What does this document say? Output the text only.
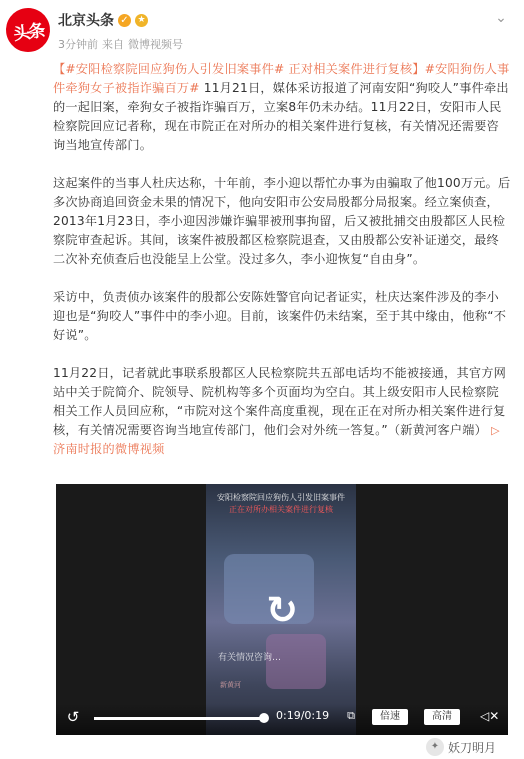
头条 北京头条 ✓ ★
3分钟前 来自 微博视频号
⌄

【#安阳检察院回应狗伤人引发旧案事件# 正对相关案件进行复核】#安阳狗伤人事件牵狗女子被指诈骗百万# 11月21日，媒体采访报道了河南安阳“狗咬人”事件牵出的一起旧案，牵狗女子被指诈骗百万，立案8年仍未办结。11月22日，安阳市人民检察院回应记者称，现在市院正在对所办的相关案件进行复核，有关情况还需要咨询当地宣传部门。

这起案件的当事人杜庆达称，十年前，李小迎以帮忙办事为由骗取了他100万元。后多次协商追回资金未果的情况下，他向安阳市公安局殷都分局报案。经立案侦查，2013年1月23日，李小迎因涉嫌诈骗罪被刑事拘留，后又被批捕交由殷都区人民检察院审查起诉。其间，该案件被殷都区检察院退查，又由殷都公安补证递交，最终二次补充侦查后也没能呈上公堂。没过多久，李小迎恢复“自由身”。

采访中，负责侦办该案件的殷都公安陈姓警官向记者证实，杜庆达案件涉及的李小迎也是“狗咬人”事件中的李小迎。目前，该案件仍未结案，至于其中缘由，他称“不好说”。

11月22日，记者就此事联系殷都区人民检察院共五部电话均不能被接通，其官方网站中关于院简介、院领导、院机构等多个页面均为空白。其上级安阳市人民检察院相关工作人员回应称，“市院对这个案件高度重视，现在正在对所办相关案件进行复核，有关情况需要咨询当地宣传部门，他们会对外统一答复。”（新黄河客户端） ▷ 济南时报的微博视频

安阳检察院回应狗伤人引发旧案事件
正在对所办相关案件进行复核
有关情况咨询…
新黄河
↻
↺	0:19/0:19 ⧉	倍速	高清	◁✕
✦ 妖刀明月
